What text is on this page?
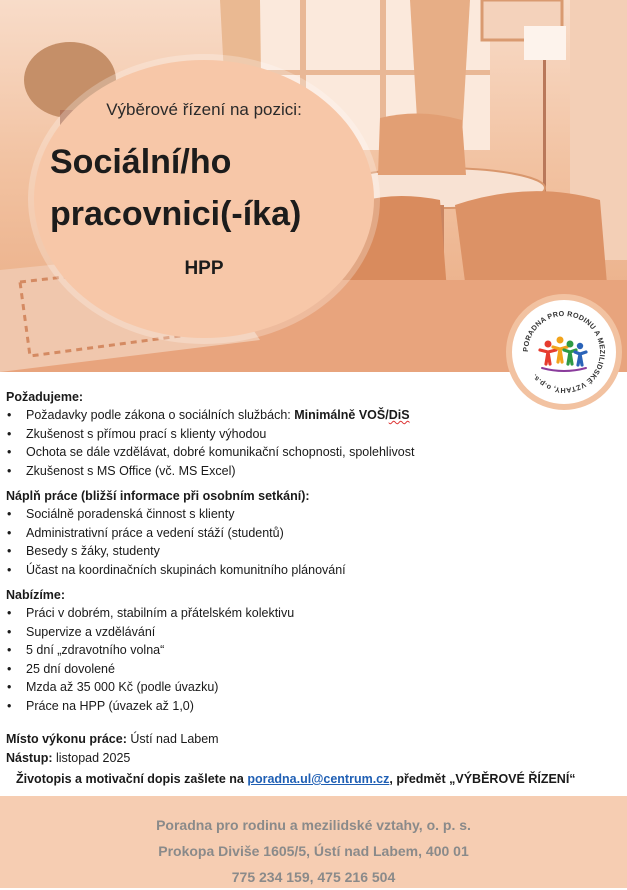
Výběrové řízení na pozici:
Sociální/ho
pracovnici(-íka)
HPP
PORADNA PRO RODINU A MEZILIDSKÉ VZTAHY, o.p.s.

Požadujeme:

• Požadavky podle zákona o sociálních službách: Minimálně VOŠ/DiS
• Zkušenost s přímou prací s klienty výhodou
• Ochota se dále vzdělávat, dobré komunikační schopnosti, spolehlivost
• Zkušenost s MS Office (vč. MS Excel)

Náplň práce (bližší informace při osobním setkání):

• Sociálně poradenská činnost s klienty
• Administrativní práce a vedení stáží (studentů)
• Besedy s žáky, studenty
• Účast na koordinačních skupinách komunitního plánování

Nabízíme:

• Práci v dobrém, stabilním a přátelském kolektivu
• Supervize a vzdělávání
• 5 dní „zdravotního volna“
• 25 dní dovolené
• Mzda až 35 000 Kč (podle úvazku)
• Práce na HPP (úvazek až 1,0)
Místo výkonu práce: Ústí nad Labem
Nástup: listopad 2025
Životopis a motivační dopis zašlete na poradna.ul@centrum.cz, předmět „VÝBĚROVÉ ŘÍZENÍ“
Poradna pro rodinu a mezilidské vztahy, o. p. s.
Prokopa Diviše 1605/5, Ústí nad Labem, 400 01
775 234 159, 475 216 504
